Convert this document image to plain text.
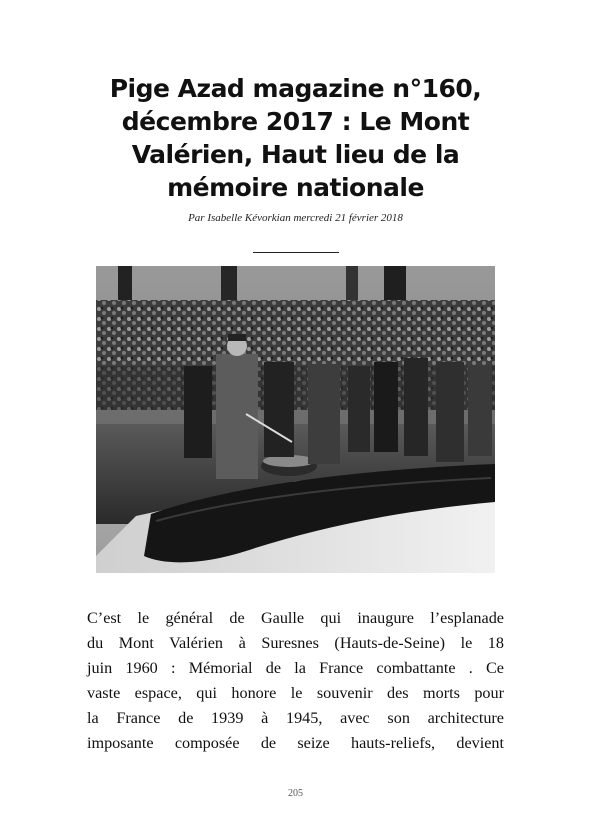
Pige Azad magazine n°160,
décembre 2017 : Le Mont
Valérien, Haut lieu de la
mémoire nationale
Par Isabelle Kévorkian mercredi 21 février 2018
C’est le général de Gaulle qui inaugure l’esplanade
du Mont Valérien à Suresnes (Hauts-de-Seine) le 18
juin 1960 : Mémorial de la France combattante . Ce
vaste espace, qui honore le souvenir des morts pour
la France de 1939 à 1945, avec son architecture
imposante composée de seize hauts-reliefs, devient
205
